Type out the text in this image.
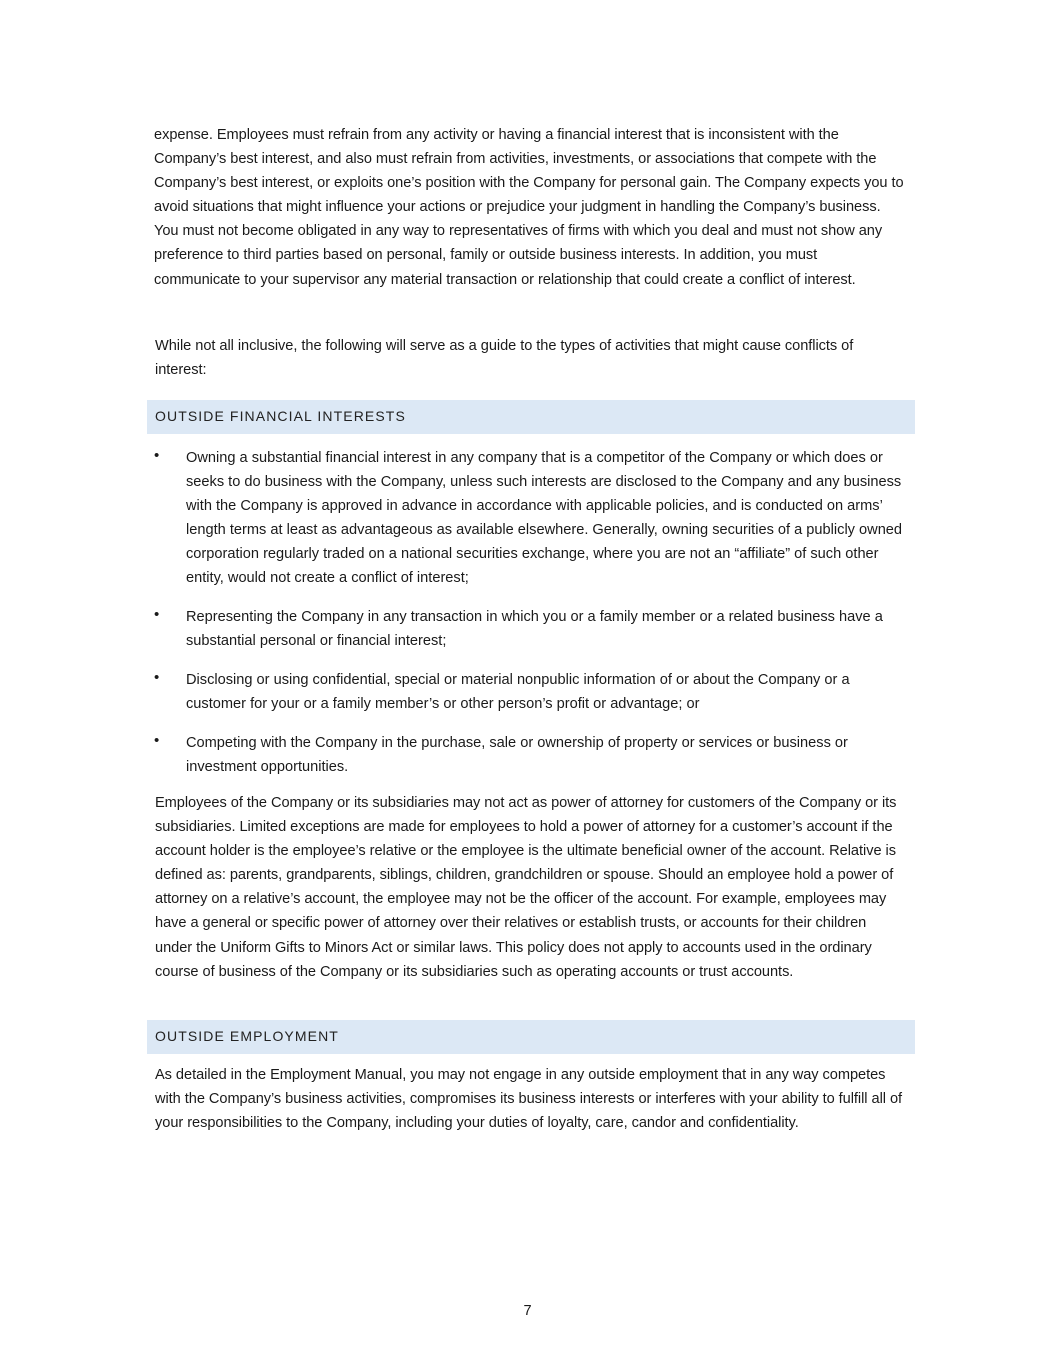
expense. Employees must refrain from any activity or having a financial interest that is inconsistent with the Company’s best interest, and also must refrain from activities, investments, or associations that compete with the Company’s best interest, or exploits one’s position with the Company for personal gain. The Company expects you to avoid situations that might influence your actions or prejudice your judgment in handling the Company’s business. You must not become obligated in any way to representatives of firms with which you deal and must not show any preference to third parties based on personal, family or outside business interests. In addition, you must communicate to your supervisor any material transaction or relationship that could create a conflict of interest.

While not all inclusive, the following will serve as a guide to the types of activities that might cause conflicts of interest:

OUTSIDE FINANCIAL INTERESTS
• Owning a substantial financial interest in any company that is a competitor of the Company or which does or seeks to do business with the Company, unless such interests are disclosed to the Company and any business with the Company is approved in advance in accordance with applicable policies, and is conducted on arms’ length terms at least as advantageous as available elsewhere. Generally, owning securities of a publicly owned corporation regularly traded on a national securities exchange, where you are not an “affiliate” of such other entity, would not create a conflict of interest;

• Representing the Company in any transaction in which you or a family member or a related business have a substantial personal or financial interest;

• Disclosing or using confidential, special or material nonpublic information of or about the Company or a customer for your or a family member’s or other person’s profit or advantage; or

• Competing with the Company in the purchase, sale or ownership of property or services or business or investment opportunities.

Employees of the Company or its subsidiaries may not act as power of attorney for customers of the Company or its subsidiaries. Limited exceptions are made for employees to hold a power of attorney for a customer’s account if the account holder is the employee’s relative or the employee is the ultimate beneficial owner of the account. Relative is defined as: parents, grandparents, siblings, children, grandchildren or spouse. Should an employee hold a power of attorney on a relative’s account, the employee may not be the officer of the account. For example, employees may have a general or specific power of attorney over their relatives or establish trusts, or accounts for their children under the Uniform Gifts to Minors Act or similar laws. This policy does not apply to accounts used in the ordinary course of business of the Company or its subsidiaries such as operating accounts or trust accounts.

OUTSIDE EMPLOYMENT

As detailed in the Employment Manual, you may not engage in any outside employment that in any way competes with the Company’s business activities, compromises its business interests or interferes with your ability to fulfill all of your responsibilities to the Company, including your duties of loyalty, care, candor and confidentiality.

7
